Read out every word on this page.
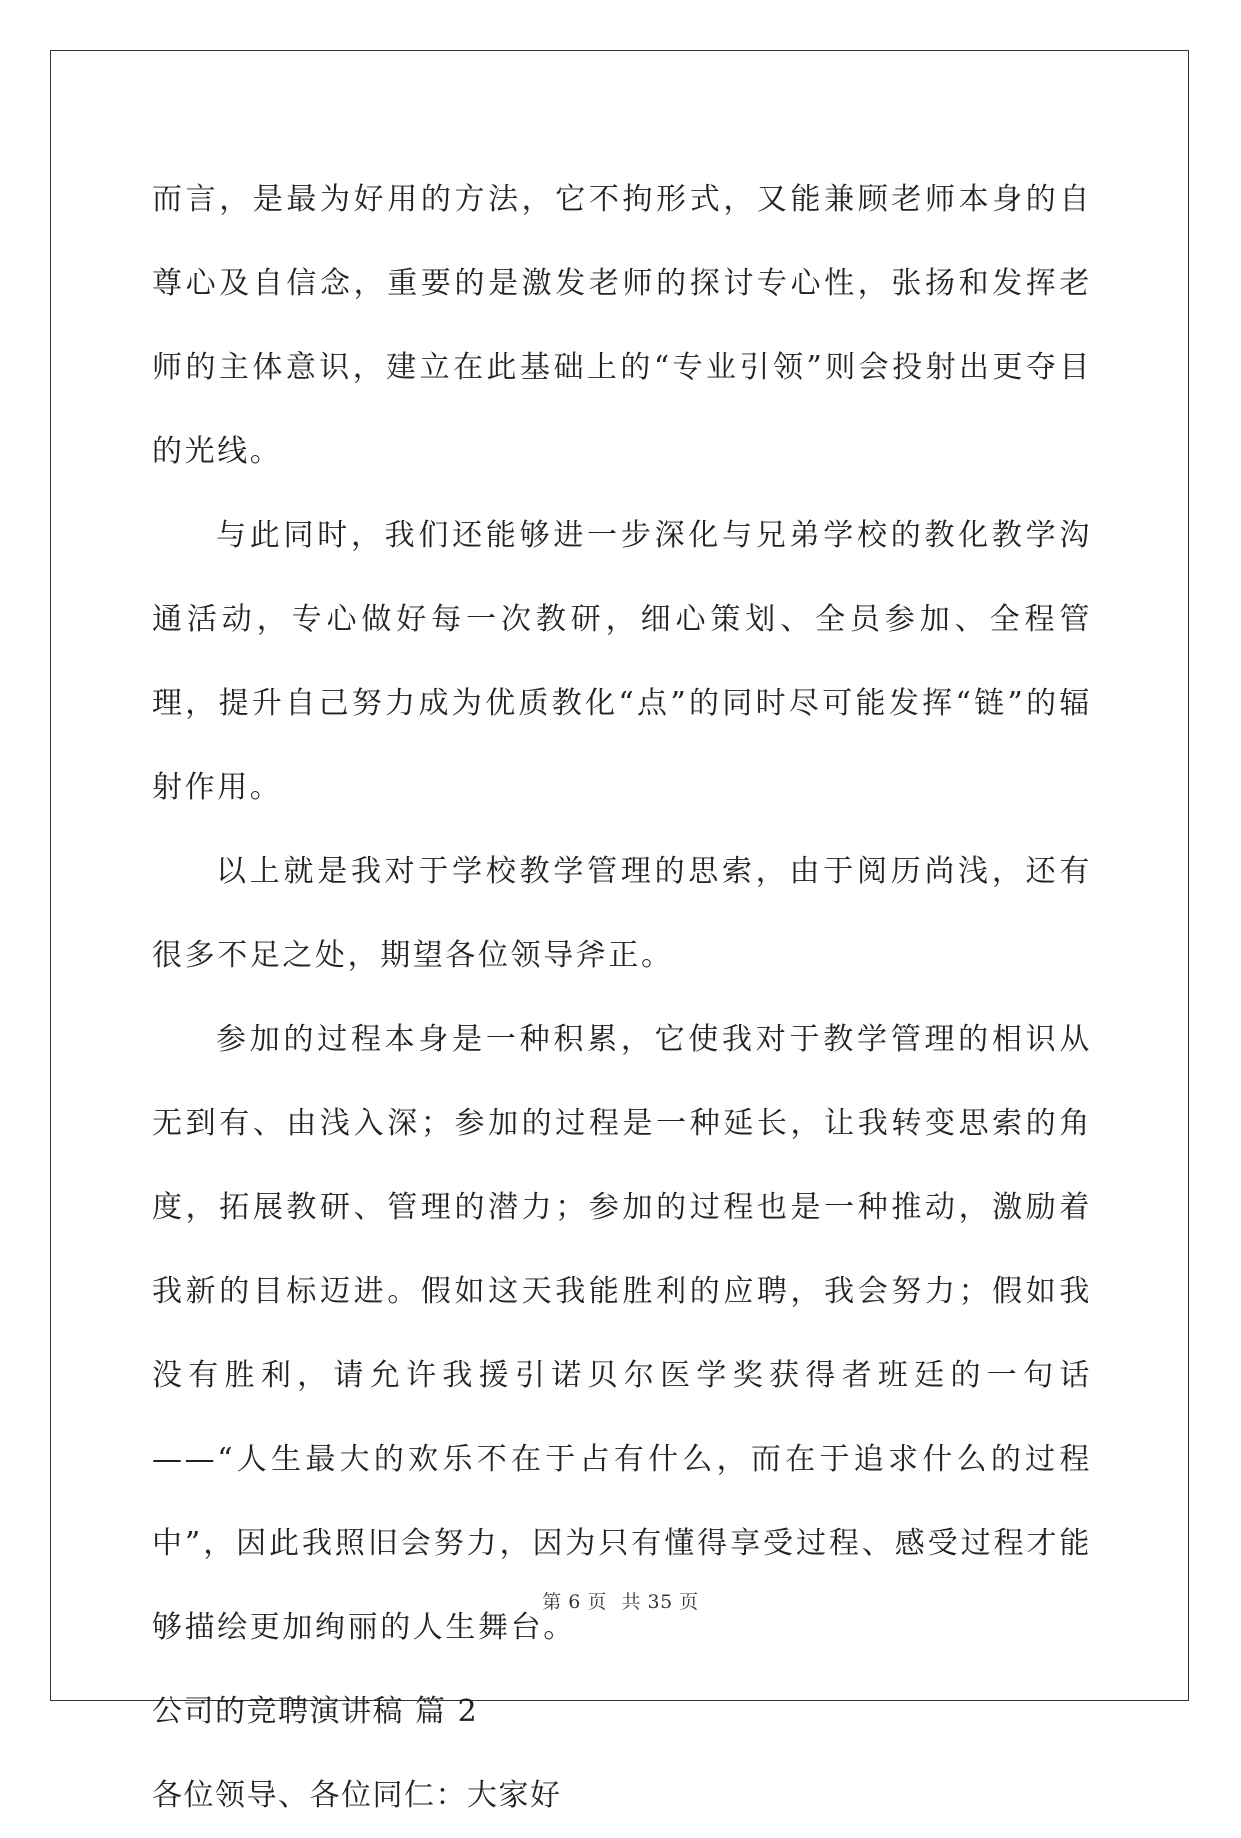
而言，是最为好用的方法，它不拘形式，又能兼顾老师本身的自尊心及自信念，重要的是激发老师的探讨专心性，张扬和发挥老师的主体意识，建立在此基础上的“专业引领”则会投射出更夺目的光线。

与此同时，我们还能够进一步深化与兄弟学校的教化教学沟通活动，专心做好每一次教研，细心策划、全员参加、全程管理，提升自己努力成为优质教化“点”的同时尽可能发挥“链”的辐射作用。

以上就是我对于学校教学管理的思索，由于阅历尚浅，还有很多不足之处，期望各位领导斧正。

参加的过程本身是一种积累，它使我对于教学管理的相识从无到有、由浅入深；参加的过程是一种延长，让我转变思索的角度，拓展教研、管理的潜力；参加的过程也是一种推动，激励着我新的目标迈进。假如这天我能胜利的应聘，我会努力；假如我没有胜利，请允许我援引诺贝尔医学奖获得者班廷的一句话——“人生最大的欢乐不在于占有什么，而在于追求什么的过程中”，因此我照旧会努力，因为只有懂得享受过程、感受过程才能够描绘更加绚丽的人生舞台。

公司的竞聘演讲稿 篇 2

各位领导、各位同仁：大家好

第 6 页 共 35 页
